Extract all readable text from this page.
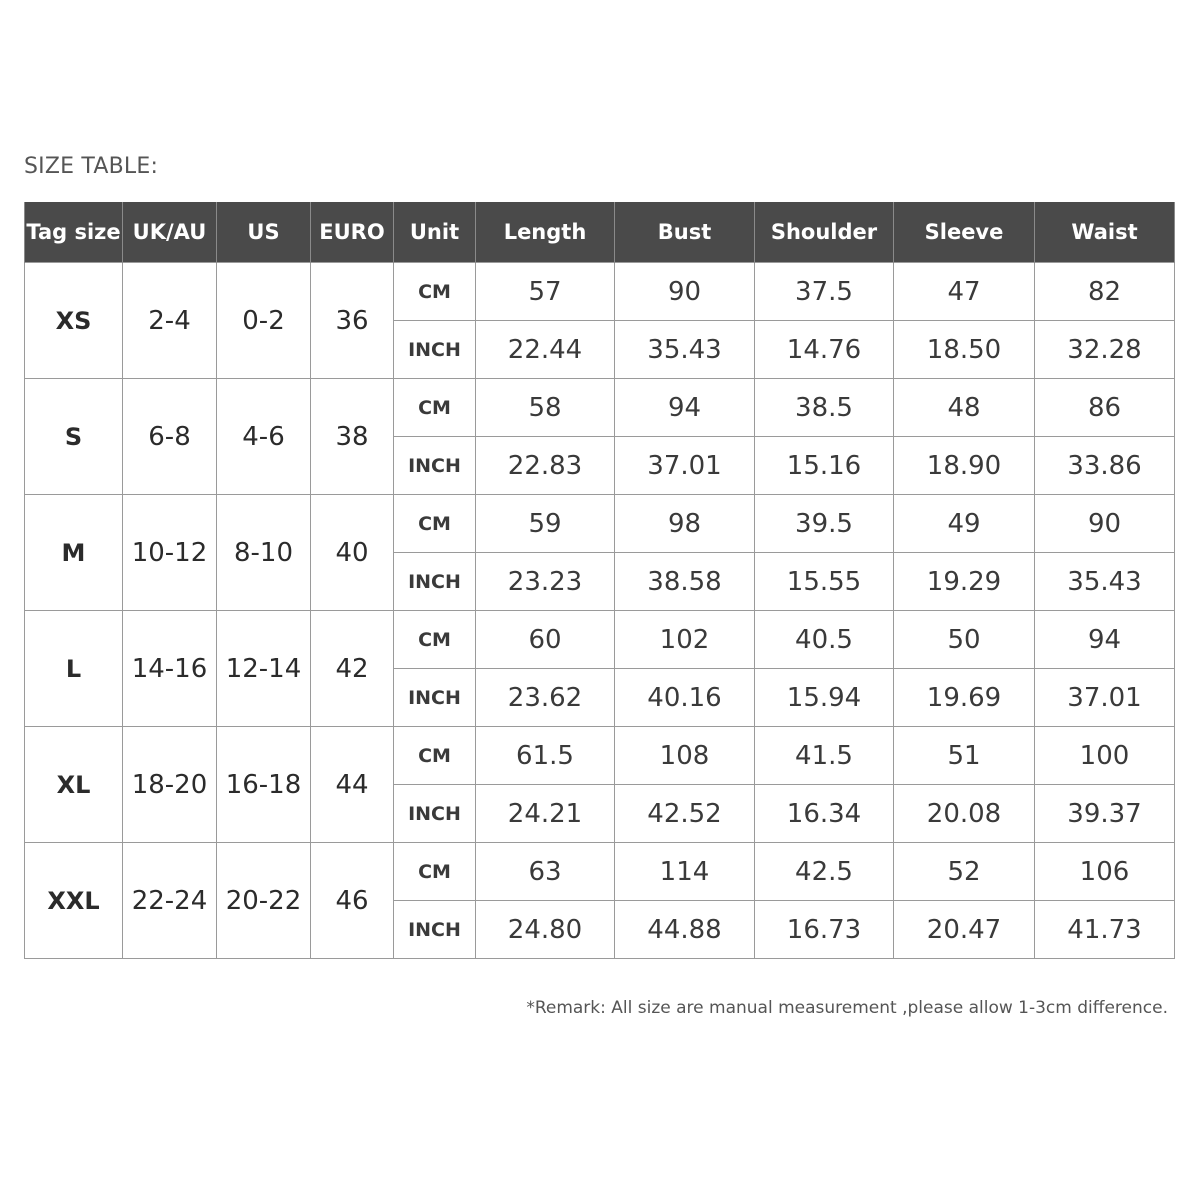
SIZE TABLE:
Tag size	UK/AU	US	EURO	Unit	Length	Bust	Shoulder	Sleeve	Waist
XS	2-4	0-2	36	CM	57	90	37.5	47	82
				INCH	22.44	35.43	14.76	18.50	32.28
S	6-8	4-6	38	CM	58	94	38.5	48	86
				INCH	22.83	37.01	15.16	18.90	33.86
M	10-12	8-10	40	CM	59	98	39.5	49	90
				INCH	23.23	38.58	15.55	19.29	35.43
L	14-16	12-14	42	CM	60	102	40.5	50	94
				INCH	23.62	40.16	15.94	19.69	37.01
XL	18-20	16-18	44	CM	61.5	108	41.5	51	100
				INCH	24.21	42.52	16.34	20.08	39.37
XXL	22-24	20-22	46	CM	63	114	42.5	52	106
				INCH	24.80	44.88	16.73	20.47	41.73
*Remark: All size are manual measurement ,please allow 1-3cm difference.
